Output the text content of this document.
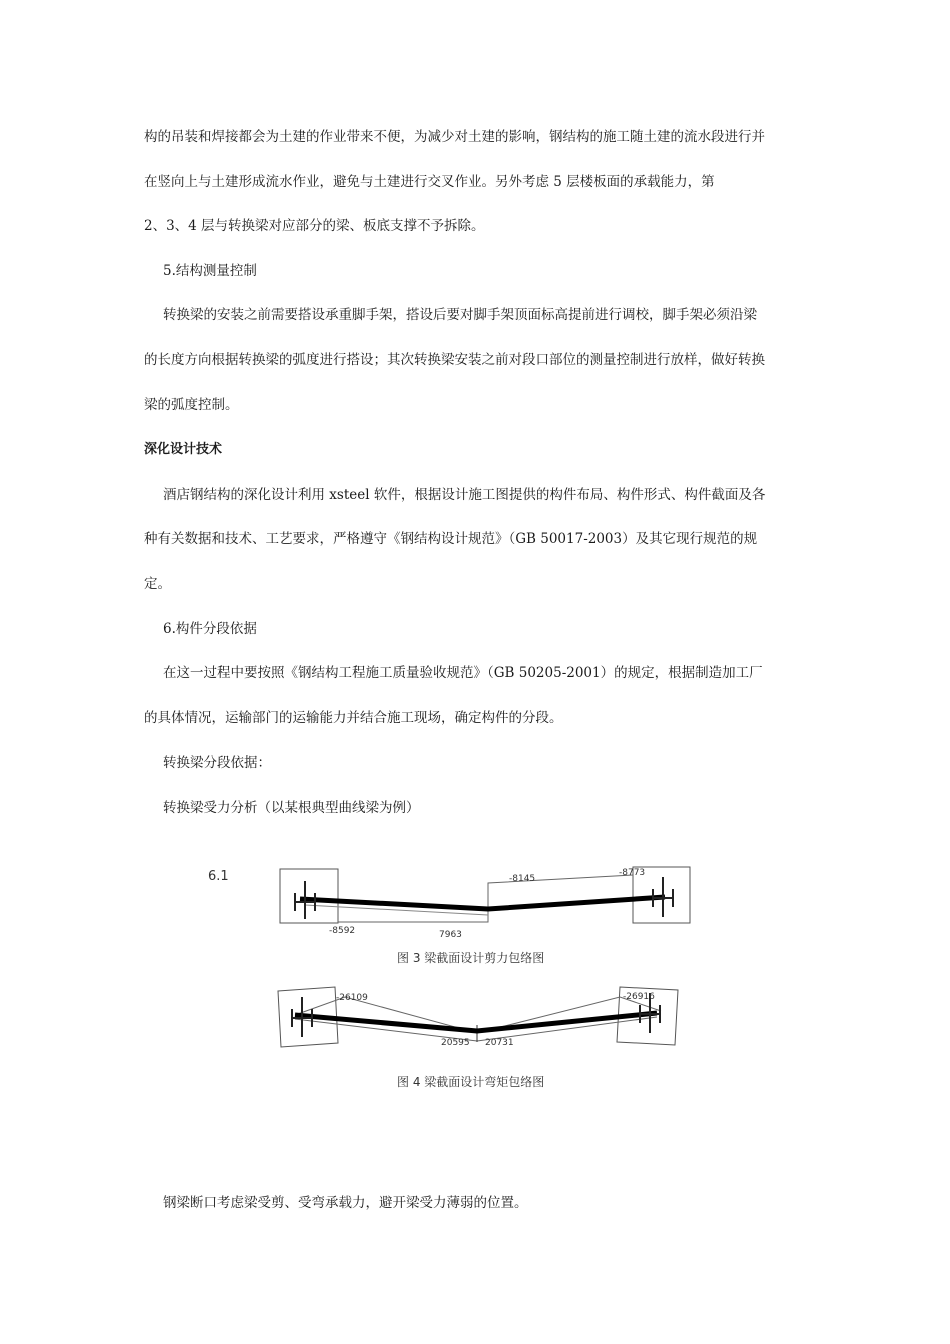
构的吊装和焊接都会为土建的作业带来不便，为减少对土建的影响，钢结构的施工随土建的流水段进行并
在竖向上与土建形成流水作业，避免与土建进行交叉作业。另外考虑 5 层楼板面的承载能力，第
2、3、4 层与转换梁对应部分的梁、板底支撑不予拆除。
5.结构测量控制
转换梁的安装之前需要搭设承重脚手架，搭设后要对脚手架顶面标高提前进行调校，脚手架必须沿梁
的长度方向根据转换梁的弧度进行搭设；其次转换梁安装之前对段口部位的测量控制进行放样，做好转换
梁的弧度控制。
深化设计技术
酒店钢结构的深化设计利用 xsteel 软件，根据设计施工图提供的构件布局、构件形式、构件截面及各
种有关数据和技术、工艺要求，严格遵守《钢结构设计规范》（GB 50017-2003）及其它现行规范的规
定。
6.构件分段依据
在这一过程中要按照《钢结构工程施工质量验收规范》（GB 50205-2001）的规定，根据制造加工厂
的具体情况，运输部门的运输能力并结合施工现场，确定构件的分段。
转换梁分段依据：
转换梁受力分析（以某根典型曲线梁为例）
6.1
-8592	7963
-8145
-8773
图 3 梁截面设计剪力包络图
-26109	-26916
20595 20731
图 4 梁截面设计弯矩包络图
钢梁断口考虑梁受剪、受弯承载力，避开梁受力薄弱的位置。
